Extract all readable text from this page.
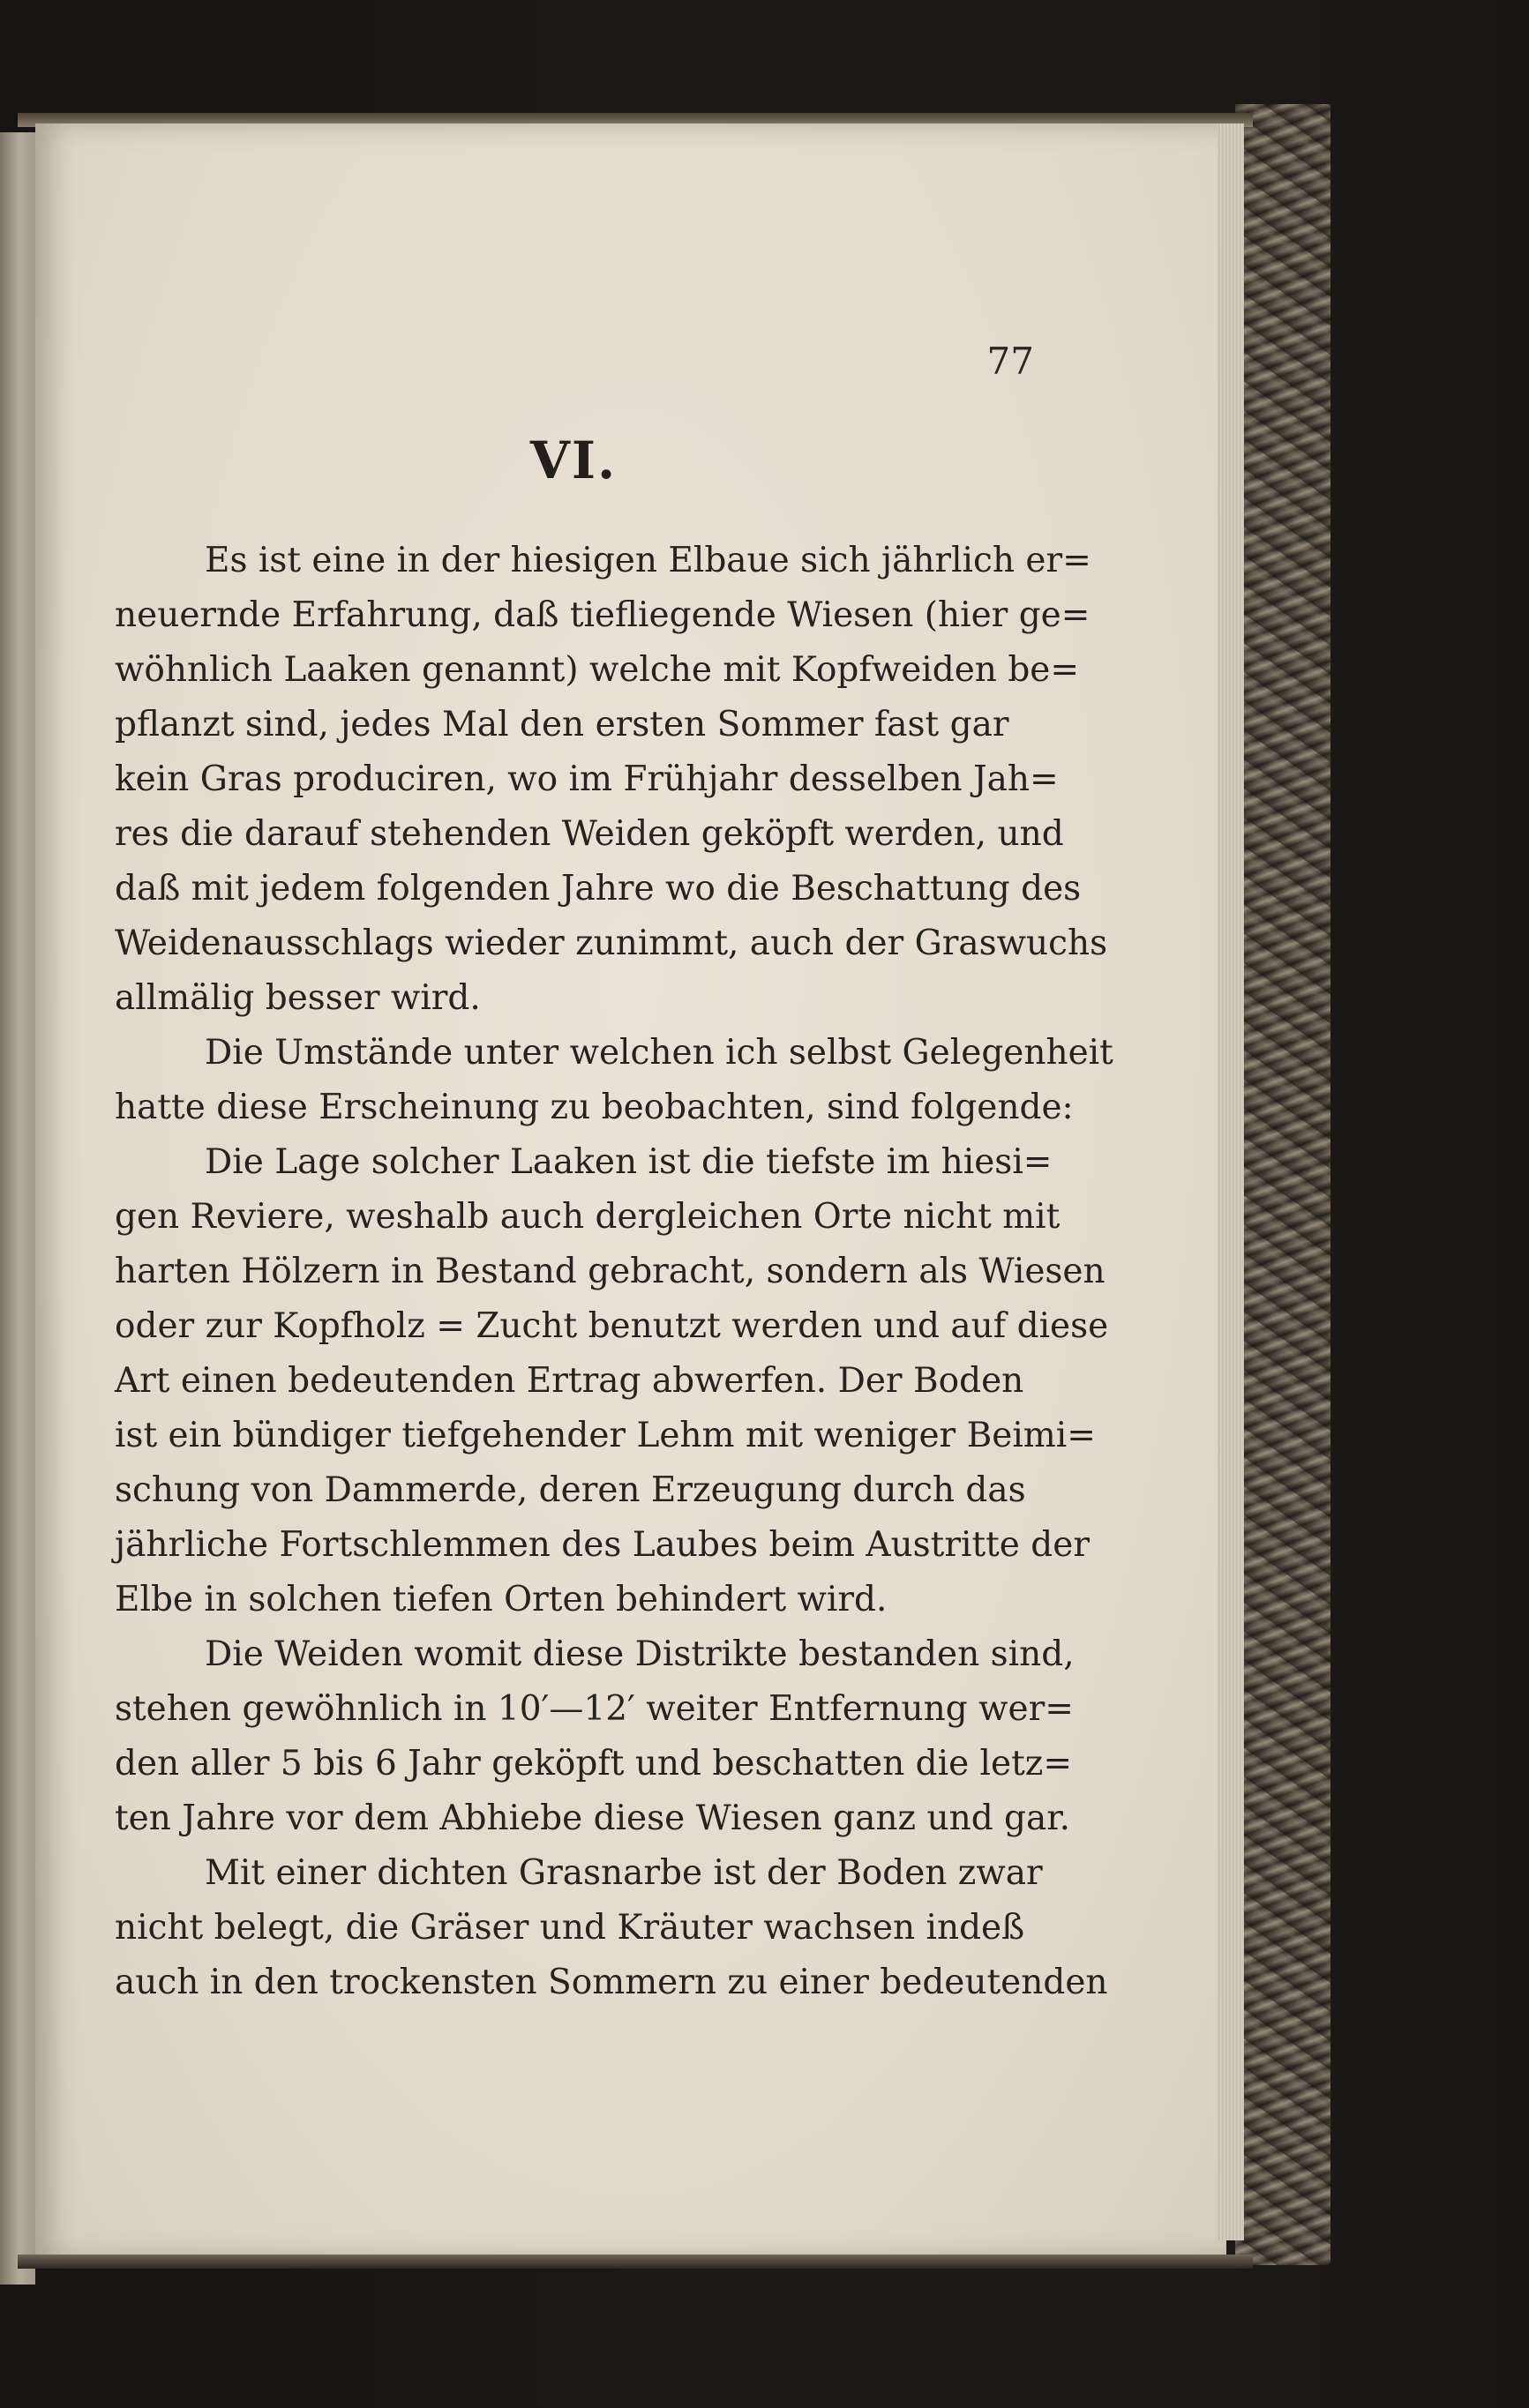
77
VI.
Es ist eine in der hiesigen Elbaue sich jährlich er=
neuernde Erfahrung, daß tiefliegende Wiesen (hier ge=
wöhnlich Laaken genannt) welche mit Kopfweiden be=
pflanzt sind, jedes Mal den ersten Sommer fast gar
kein Gras produciren, wo im Frühjahr desselben Jah=
res die darauf stehenden Weiden geköpft werden, und
daß mit jedem folgenden Jahre wo die Beschattung des
Weidenausschlags wieder zunimmt, auch der Graswuchs
allmälig besser wird.
Die Umstände unter welchen ich selbst Gelegenheit
hatte diese Erscheinung zu beobachten, sind folgende:
Die Lage solcher Laaken ist die tiefste im hiesi=
gen Reviere, weshalb auch dergleichen Orte nicht mit
harten Hölzern in Bestand gebracht, sondern als Wiesen
oder zur Kopfholz = Zucht benutzt werden und auf diese
Art einen bedeutenden Ertrag abwerfen. Der Boden
ist ein bündiger tiefgehender Lehm mit weniger Beimi=
schung von Dammerde, deren Erzeugung durch das
jährliche Fortschlemmen des Laubes beim Austritte der
Elbe in solchen tiefen Orten behindert wird.
Die Weiden womit diese Distrikte bestanden sind,
stehen gewöhnlich in 10′—12′ weiter Entfernung wer=
den aller 5 bis 6 Jahr geköpft und beschatten die letz=
ten Jahre vor dem Abhiebe diese Wiesen ganz und gar.
Mit einer dichten Grasnarbe ist der Boden zwar
nicht belegt, die Gräser und Kräuter wachsen indeß
auch in den trockensten Sommern zu einer bedeutenden
